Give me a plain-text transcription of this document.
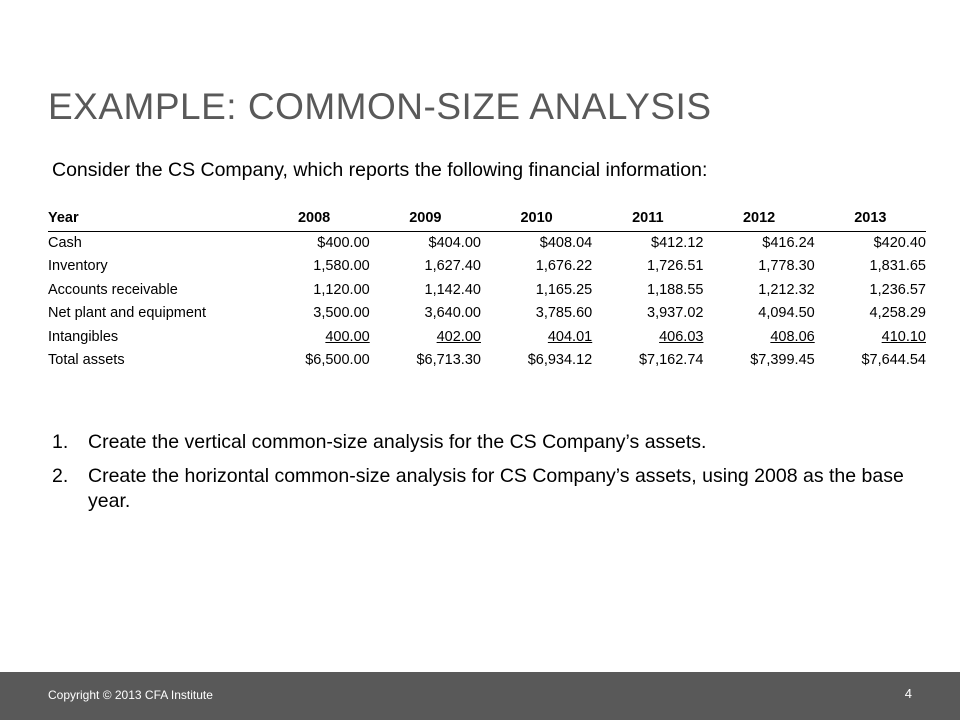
EXAMPLE: COMMON-SIZE ANALYSIS
Consider the CS Company, which reports the following financial information:
Year	2008	2009	2010	2011	2012	2013
Cash	$400.00	$404.00	$408.04	$412.12	$416.24	$420.40
Inventory	1,580.00	1,627.40	1,676.22	1,726.51	1,778.30	1,831.65
Accounts receivable	1,120.00	1,142.40	1,165.25	1,188.55	1,212.32	1,236.57
Net plant and equipment	3,500.00	3,640.00	3,785.60	3,937.02	4,094.50	4,258.29
Intangibles	400.00	402.00	404.01	406.03	408.06	410.10
Total assets	$6,500.00	$6,713.30	$6,934.12	$7,162.74	$7,399.45	$7,644.54
1. Create the vertical common-size analysis for the CS Company’s assets.
2. Create the horizontal common-size analysis for CS Company’s assets, using 2008 as the base year.
Copyright © 2013 CFA Institute	4
